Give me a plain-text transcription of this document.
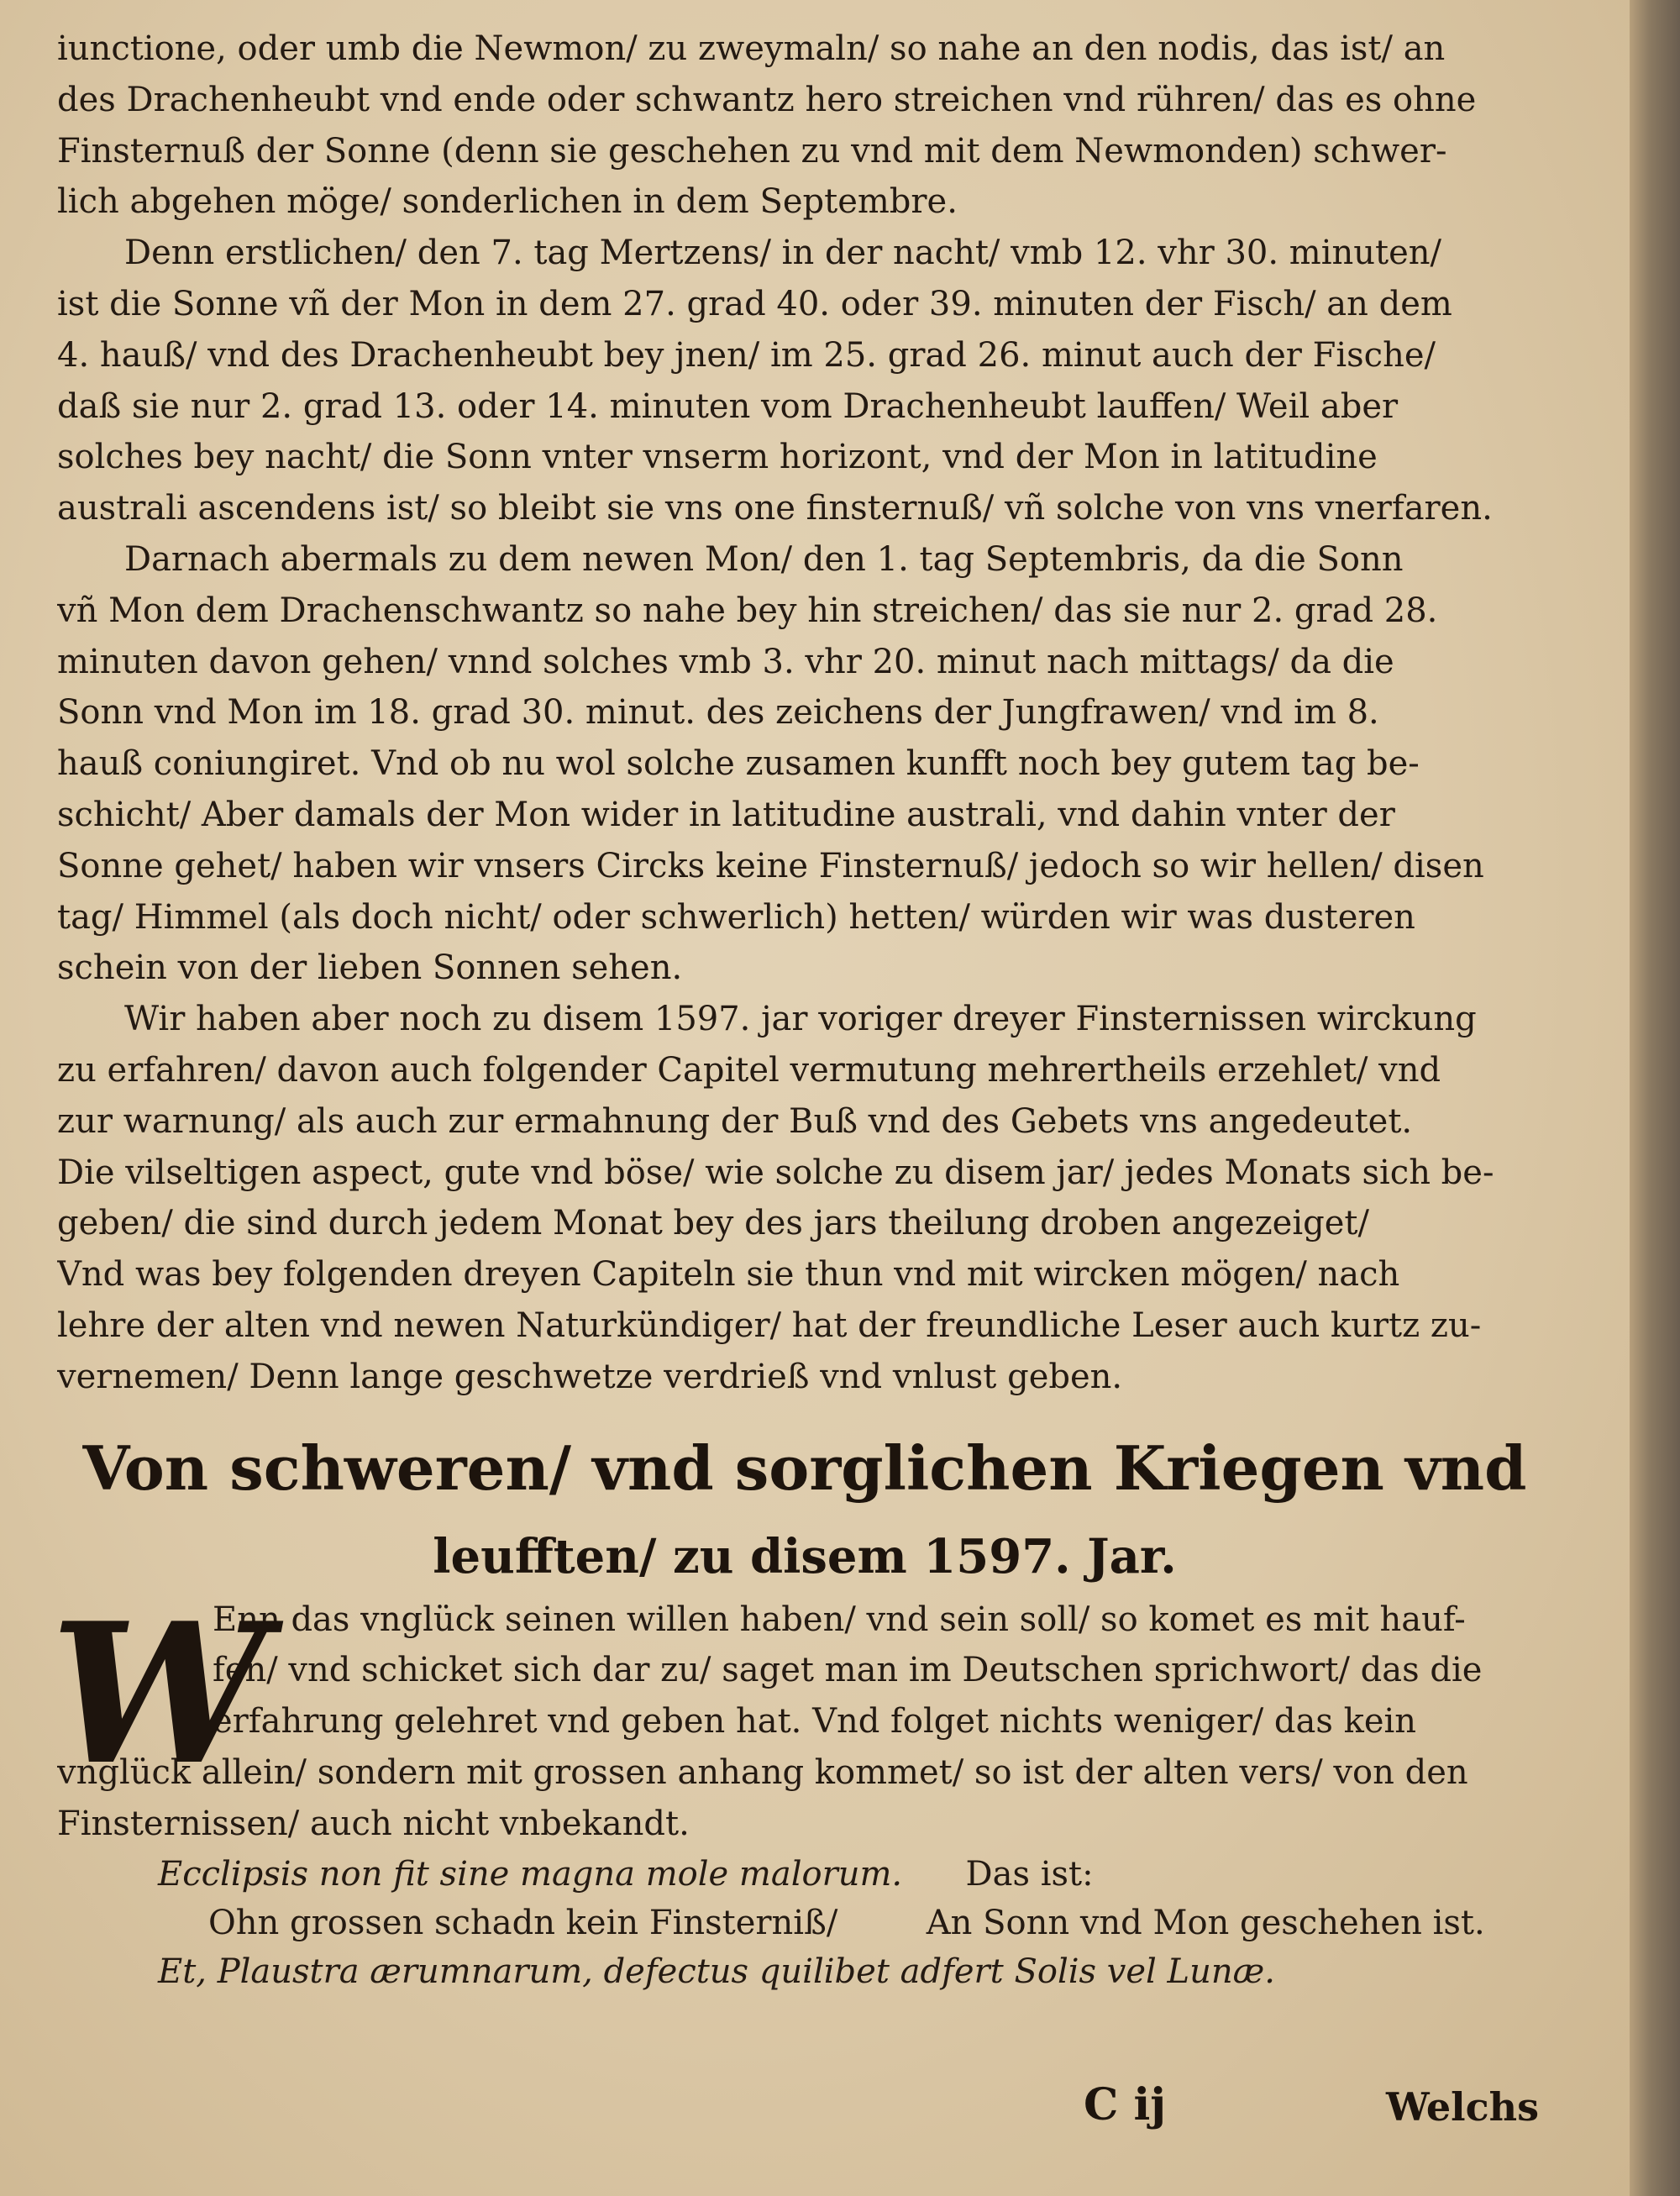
iunctione, oder umb die Newmon/ zu zweymaln/ so nahe an den nodis, das ist/ an
des Drachenheubt vnd ende oder schwantz hero streichen vnd rühren/ das es ohne
Finsternuß der Sonne (denn sie geschehen zu vnd mit dem Newmonden) schwer-
lich abgehen möge/ sonderlichen in dem Septembre.

Denn erstlichen/ den 7. tag Mertzens/ in der nacht/ vmb 12. vhr 30. minuten/
ist die Sonne vñ der Mon in dem 27. grad 40. oder 39. minuten der Fisch/ an dem
4. hauß/ vnd des Drachenheubt bey jnen/ im 25. grad 26. minut auch der Fische/
daß sie nur 2. grad 13. oder 14. minuten vom Drachenheubt lauffen/ Weil aber
solches bey nacht/ die Sonn vnter vnserm horizont, vnd der Mon in latitudine
australi ascendens ist/ so bleibt sie vns one finsternuß/ vñ solche von vns vnerfaren.

Darnach abermals zu dem newen Mon/ den 1. tag Septembris, da die Sonn
vñ Mon dem Drachenschwantz so nahe bey hin streichen/ das sie nur 2. grad 28.
minuten davon gehen/ vnnd solches vmb 3. vhr 20. minut nach mittags/ da die
Sonn vnd Mon im 18. grad 30. minut. des zeichens der Jungfrawen/ vnd im 8.
hauß coniungiret. Vnd ob nu wol solche zusamen kunfft noch bey gutem tag be-
schicht/ Aber damals der Mon wider in latitudine australi, vnd dahin vnter der
Sonne gehet/ haben wir vnsers Circks keine Finsternuß/ jedoch so wir hellen/ disen
tag/ Himmel (als doch nicht/ oder schwerlich) hetten/ würden wir was dusteren
schein von der lieben Sonnen sehen.

Wir haben aber noch zu disem 1597. jar voriger dreyer Finsternissen wirckung
zu erfahren/ davon auch folgender Capitel vermutung mehrertheils erzehlet/ vnd
zur warnung/ als auch zur ermahnung der Buß vnd des Gebets vns angedeutet.
Die vilseltigen aspect, gute vnd böse/ wie solche zu disem jar/ jedes Monats sich be-
geben/ die sind durch jedem Monat bey des jars theilung droben angezeiget/
Vnd was bey folgenden dreyen Capiteln sie thun vnd mit wircken mögen/ nach
lehre der alten vnd newen Naturkündiger/ hat der freundliche Leser auch kurtz zu-
vernemen/ Denn lange geschwetze verdrieß vnd vnlust geben.

Von schweren/ vnd sorglichen Kriegen vnd
leufften/ zu disem 1597. Jar.
W

Enn das vnglück seinen willen haben/ vnd sein soll/ so komet es mit hauf-
fen/ vnd schicket sich dar zu/ saget man im Deutschen sprichwort/ das die
erfahrung gelehret vnd geben hat. Vnd folget nichts weniger/ das kein
vnglück allein/ sondern mit grossen anhang kommet/ so ist der alten vers/ von den
Finsternissen/ auch nicht vnbekandt.

Ecclipsis non fit sine magna mole malorum. Das ist:
Ohn grossen schadn kein Finsterniß/	An Sonn vnd Mon geschehen ist.
Et, Plaustra ærumnarum, defectus quilibet adfert Solis vel Lunæ.
C ij	Welchs
